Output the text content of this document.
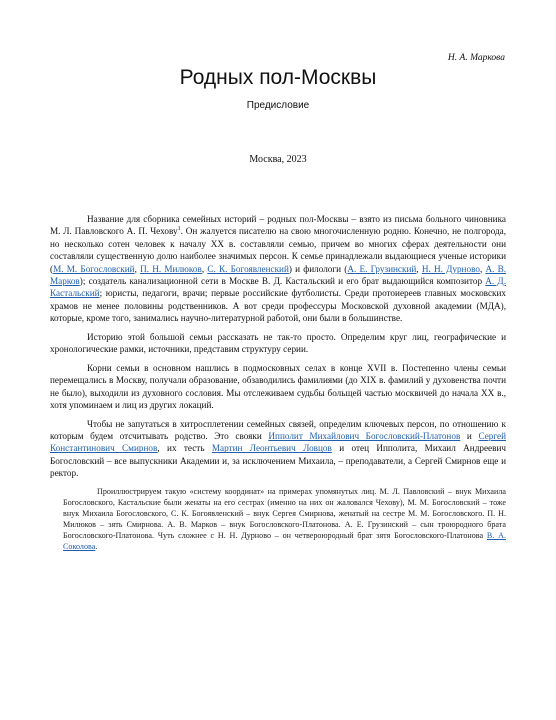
Н. А. Маркова
Родных пол-Москвы
Предисловие
Москва, 2023

Название для сборника семейных историй – родных пол-Москвы – взято из письма больного чиновника М. Л. Павловского А. П. Чехову$^1$. Он жалуется писателю на свою многочисленную родню. Конечно, не полгорода, но несколько сотен человек к началу XX в. составляли семью, причем во многих сферах деятельности они составляли существенную долю наиболее значимых персон. К семье принадлежали выдающиеся ученые историки (М. М. Богословский, П. Н. Милюков, С. К. Богоявленский) и филологи (А. Е. Грузинский, Н. Н. Дурново, А. В. Марков); создатель канализационной сети в Москве В. Д. Кастальский и его брат выдающийся композитор А. Д. Кастальский; юристы, педагоги, врачи; первые российские футболисты. Среди протоиереев главных московских храмов не менее половины родственников. А вот среди профессуры Московской духовной академии (МДА), которые, кроме того, занимались научно-литературной работой, они были в большинстве.

Историю этой большой семьи рассказать не так-то просто. Определим круг лиц, географические и хронологические рамки, источники, представим структуру серии.

Корни семьи в основном нашлись в подмосковных селах в конце XVII в. Постепенно члены семьи перемещались в Москву, получали образование, обзаводились фамилиями (до XIX в. фамилий у духовенства почти не было), выходили из духовного сословия. Мы отслеживаем судьбы больщей частью москвичей до начала XX в., хотя упоминаем и лиц из других локаций.

Чтобы не запутаться в хитросплетении семейных связей, определим ключевых персон, по отношению к которым будем отсчитывать родство. Это свояки Ипполит Михайлович Богословский-Платонов и Сергей Константинович Смирнов, их тесть Мартин Леонтьевич Ловцов и отец Ипполита, Михаил Андреевич Богословский – все выпускники Академии и, за исключением Михаила, – преподаватели, а Сергей Смирнов еще и ректор.

Проиллюстрируем такую «систему координат» на примерах упомянутых лиц. М. Л. Павловский – внук Михаила Богословского, Кастальские были женаты на его сестрах (именно на них он жаловался Чехову), М. М. Богословский – тоже внук Михаила Богословского, С. К. Богоявленский – внук Сергея Смирнова, женатый на сестре М. М. Богословского. П. Н. Милюков – зять Смирнова. А. В. Марков – внук Богословского-Платонова. А. Е. Грузинский – сын троюродного брата Богословского-Платонова. Чуть сложнее с Н. Н. Дурново – он четвероюродный брат зятя Богословского-Платонова В. А. Соколова.
